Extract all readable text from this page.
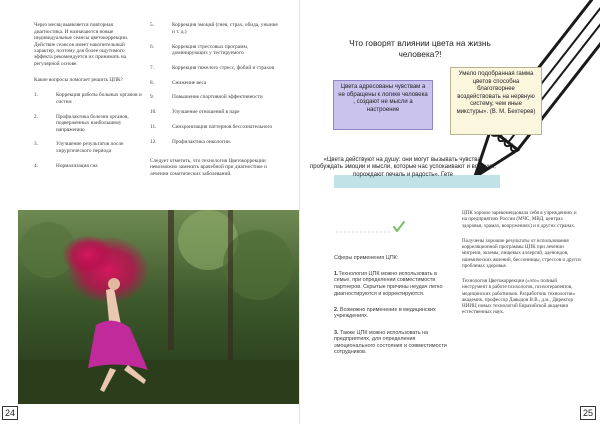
Через месяц выявляется повторная диагностика. И назначаются новые индивидуальные сеансы цветокоррекции. Действие сеансов имеет накопительный характер, поэтому для более ощутимого эффекта рекомендуется их принимать на регулярной основе.

Какие вопросы помогает решить ЦПК?

1.	Коррекция работы больных органов и систем

2.	Профилактика болезни органов, подверженных наибольшему напряжению

3.	Улучшение результатов после хирургического периода

4.	Нормализация сна

5.	Коррекция эмоций (гнев, страх, обида, уныние и т. д.)

6.	Коррекция стрессовых программ, доминирующих у тестируемого

7.	Коррекция тяжелого стресс, фобий и страхов

8.	Снижение веса

9.	Повышение спортивной эффективности

10.	Улучшение отношений в паре

11.	Синхронизация паттернов бессознательного

12.	Профилактика онкологии.

Следует отметить, что технология Цветокоррекции невозможно заменить врачебной при диагностике и лечении соматических заболеваний.

24
Что говорят влиянии цвета на жизнь человека?!
Цвета адресованы чувствам а не обращены к логике человека , создают не мысли а настроение
Умело подобранная гамма цветов способна благотворнее воздействовать на нервную систему, чем иные микстуры». (В. М. Бехтерев)
«Цвета действуют на душу: они могут вызывать чувства, пробуждать эмоции и мысли, которые нас успокаивают и волнуют, порождают печаль и радость». Гете

Сферы применения ЦПК:

1.Технология ЦПК можно использовать в семье, при определении совместимости партнеров. Скрытые причины неудач легко диагностируются и корректируются.

2. Возможно применение в медицинских учреждениях.

3. Также ЦПК можно использовать на предприятиях, для определения эмоционального состояния и совместимости сотрудников.

ЦПК хорошо зарекомендовала себя в учреждениях и на предприятиях России (МЧС, МВД, центрах здоровья, храмах, вооружениях) и в других странах.

Получены хорошие результаты от использования корреляционной программы ЦПК при лечении мигрени, экземы, пищевых аллергий, аденоидов, ишемических явлений, бессонницы, стрессов и других проблемах здоровья.

Технология Цветокоррекции («это» полный инструмент в работе психологов, психотерапевтов, медицинских работников. Разработчик технологии» академик, профессор Давыдов В.В., д.м., Директор НИИЦ новых технологий Евразийской академии естественных наук.

25
